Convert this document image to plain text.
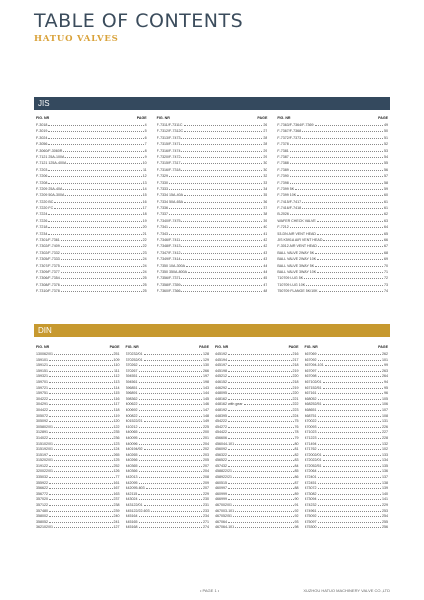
TABLE OF CONTENTS
HATUO VALVES
JIS
FIG. NR	PAGE
F-3018	4
F-3019	5
F-3024	6
F-3056	7
F-3060/F-3060R	8
F-7121 25A-100A	9
F-7121 125A-400A	10
F-7203	11
F-7206	12
F-7208	13
F-7209 25A-40A	14
F-7209 50A-300A	15
F-7220 BC	16
F-7220 FC	17
F-7224	18
F-7226	19
F-7218	20
F-7234	21
F-7301/F-7361	22
F-7302/F-7409	22
F-7302/F-7332	23
F-7305/F-7333	24
F-7307/F-7375	24
F-7309/F-7377	24
F-7306/F-7354	25
F-7308/F-7376	25
F-7310/F-7378	25
FIG. NR	PAGE
F-7311/F-7311C	26
F-7312/F-7312C	27
F-7313/F-7473	28
F-7315/F-7471	28
F-7316/F-7474	29
F-7320/F-7472	29
F-7315/F-7317	30
F-7316/F-7318	30
F-7329	32
F-7330	33
F-7333	34
F-7334 15A-40A	35
F-7334 50A-65A	36
F-7336	37
F-7337	38
F-7340/F-7475	39
F-7341	40
F-7343	41
F-7346/F-7411	42
F-7348/F-7413	42
F-7347/F-7412	43
F-7349/F-7414	43
F-7350 10A-300A	44
F-7350 350A-800A	44
F-7356/F-7371	45
F-7358/F-7359	47
F-7360/F-7366	48
FIG. NR	PAGE
F-7363/F-7364/F-7369	49
F-7367/F-7368	50
F-7372/F-7373	51
F-7378	52
F-7381	53
F-7387	54
F-7388	55
F-7389	56
F-7390	57
F-7398	58
F-7399 5K	59
F-7399 10K	60
F-7415/F-7417	61
F-7416/F-7418	61
B-2026	62
WAFER CHECK VALVE	63
F-7212	64
53-DN AIR VENT HEAD	65
JIS K591A AIR VENT HEAD	66
F-3012 AIR VENT HEAD	67
BALL VALVE 2WAY 5K	68
BALL VALVE 2WAY 10K	69
BALL VALVE 3WAY 5K	70
BALL VALVE 3WAY 10K	71
710709 LUG 5K	72
710709 LUG 10K	73
750709 FLANGE 5K/10K	74
DIN
FIG. NR	PAGE
130062/01	251
159101	109
159121	110
159151	111
159321	112
159701	113
159721	114
159751	115
304222	116
304291	117
304422	118
305072	119
305092	120
305802/01	122
312891	235
314022	236
315102/01	123
315192/01	124
315197	265
315202/01	125
319122	252
320022/01	126
335032	77
355922	161
356622	167
356772	163
357020	237
357122	238
357480	239
358002	240
358052	241
362102/01	127
FIG. NR	PAGE
370232/01	128
370252/01	129
370262	130
370267	266
394551	197
394561	198
396851	143
396891	144
398362	145
400622	146
400692	147
400822	148
401522/21	149
410212	225
440065	200
440095	201
440096	204
440194/92	202
440265	203
440266	205
440365	207
440366	204
442013	208
442095	209
442095-603	207
442115	229
443024	230
443122/01	231
445122/22-603	233
445164	234
445165	271
445168	274
FIG. NR	PAGE
445192	216
445194	217
445197	218
445198	219
445212	220
446152	218
446292	219
448095	220
448162	221
448162 with gear	222
448192	223
448395	224
454222	75
454272	76
454422	78
456606	79
456044-101	80
456092	81
456322	82
456522	83
457432	84
458822/21	85
458922/21	86
460515	87
460997	88
460999	89
466999	90
467002/01	91
467003-101	92
467052/51	92
467064	93
467064-101	98
FIG. NR	PAGE
467069	262
467092	101
467094-101	99
467097	263
467098	264
467102/01	94
467152/51	95
467161	96
468052	105
468252/51	106
468651	107
468751	108
470022	131
470093	226
471023	227
471223	228
471494	132
471762	102
472002/01	133
472022/01	134
472052/51	135
472064	136
472401	137
472451	138
473072	139
473082	140
473094	141
474232	229
474961	253
475092	254
475097	255
475300	256
• PAGE 1 •	XUZHOU HATUO MACHINERY VALVE CO.,LTD
